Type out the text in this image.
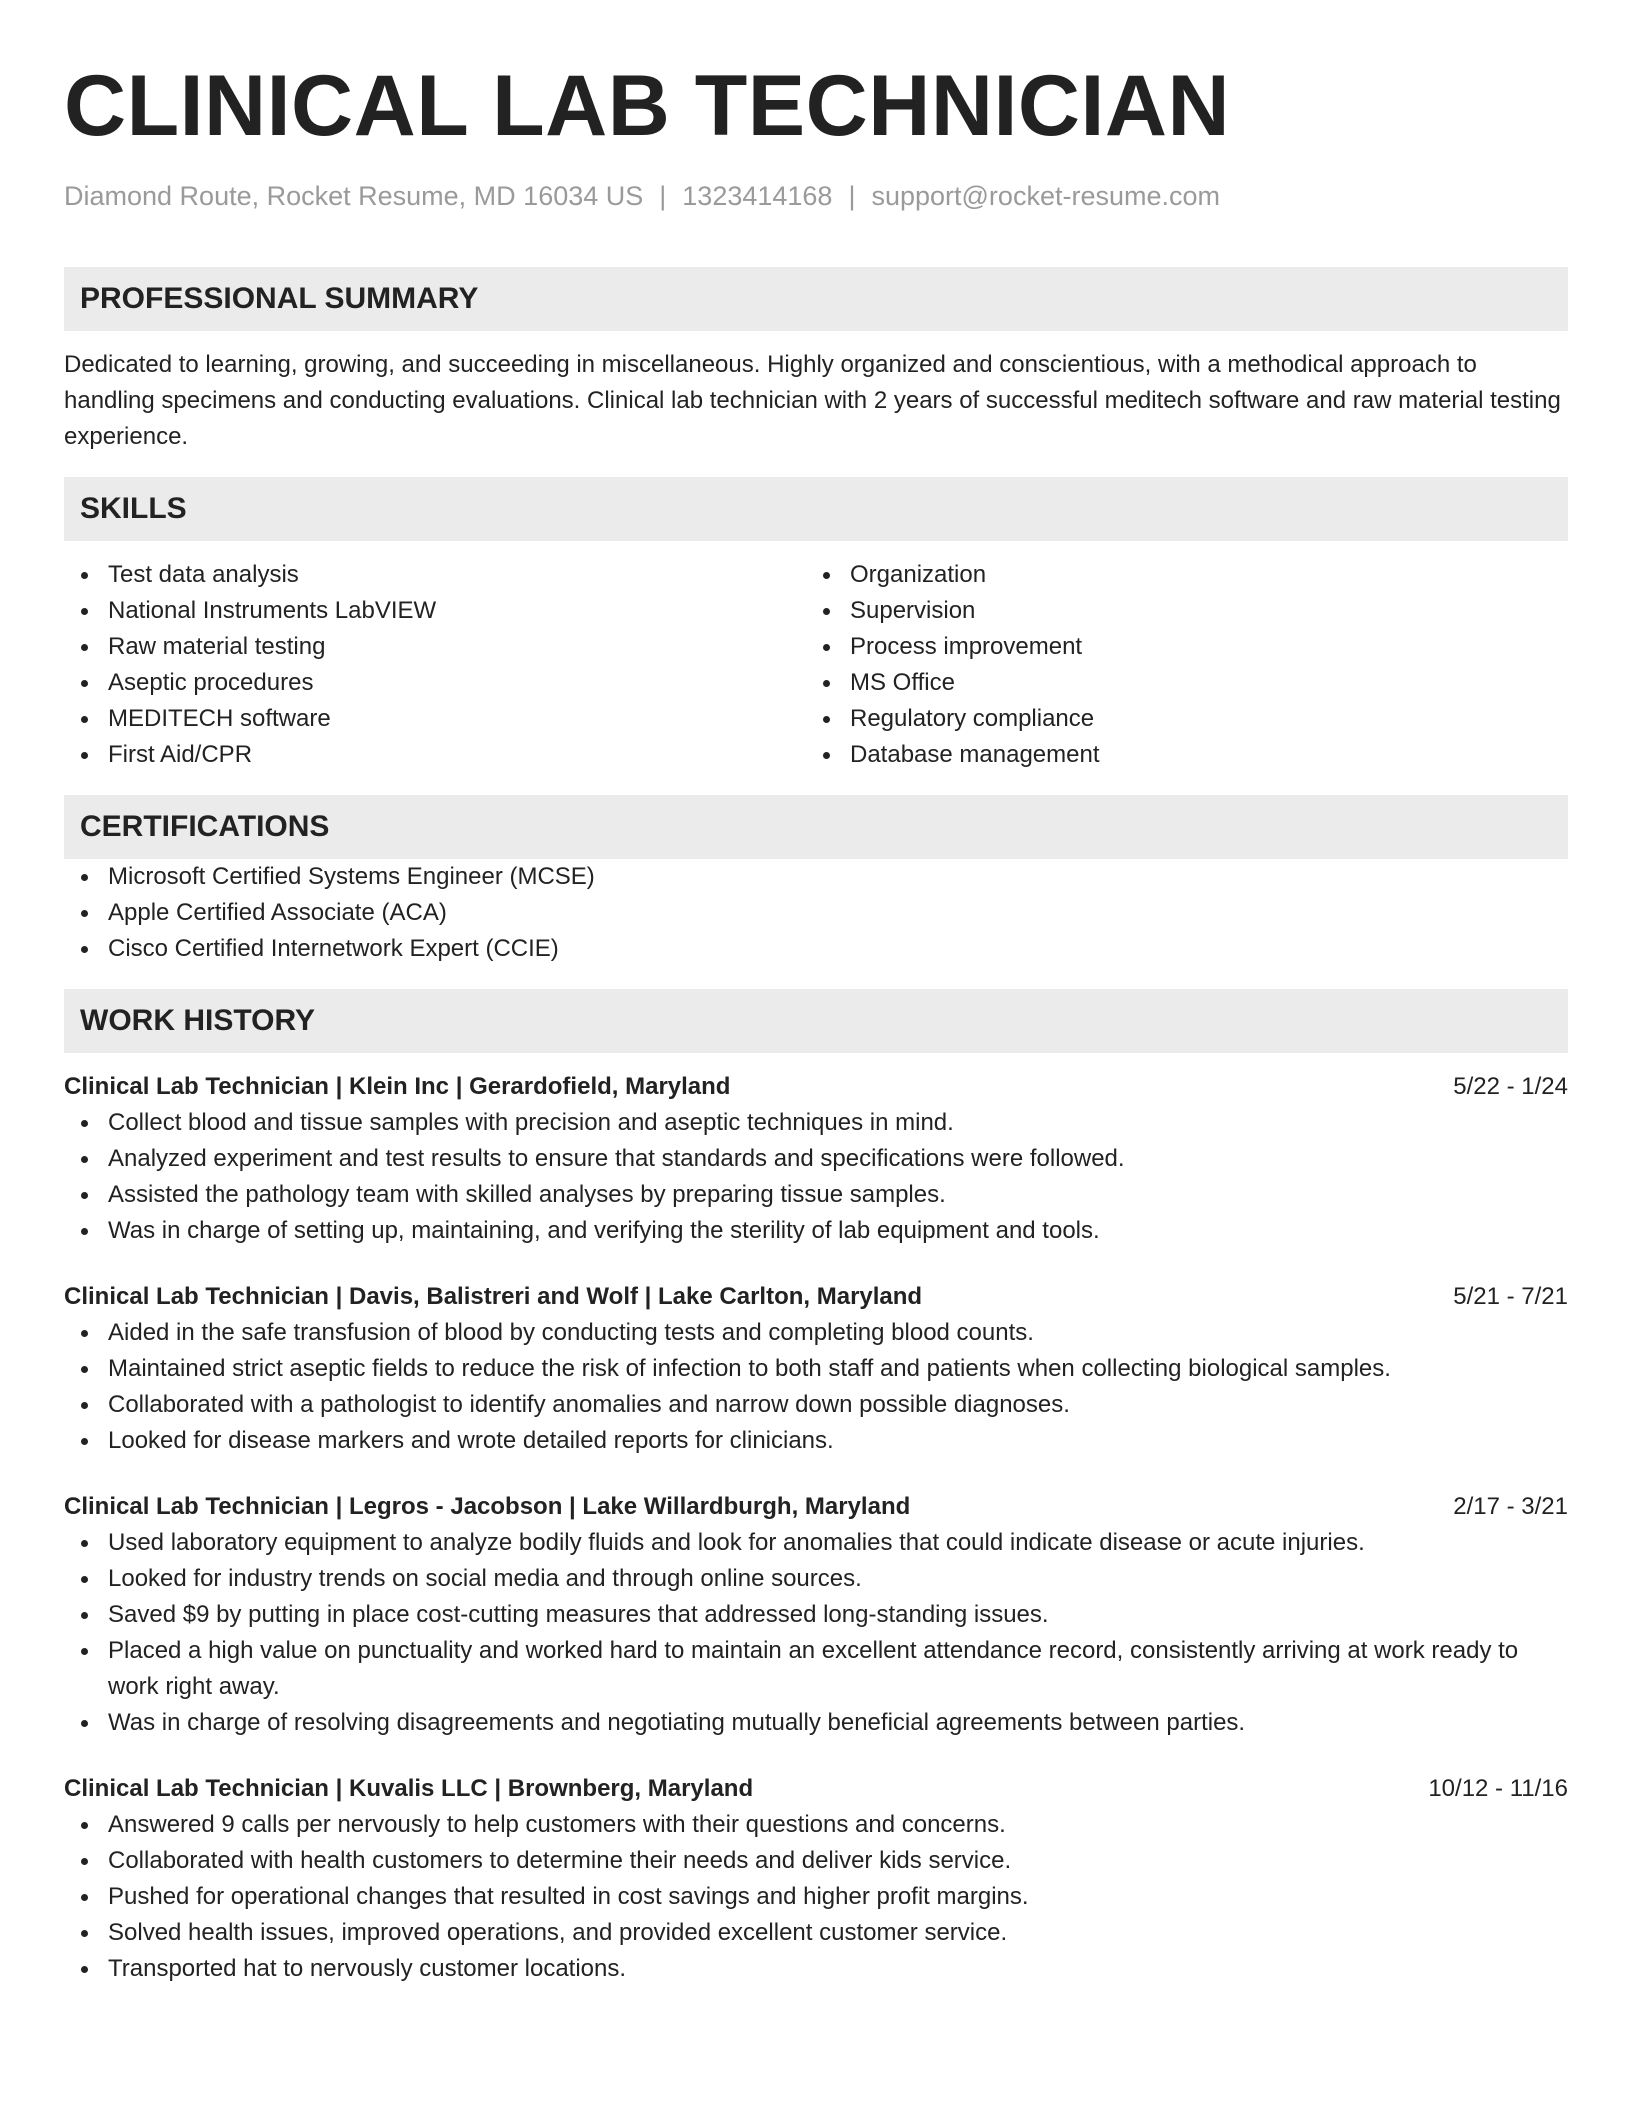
CLINICAL LAB TECHNICIAN
Diamond Route, Rocket Resume, MD 16034 US | 1323414168 | support@rocket-resume.com
PROFESSIONAL SUMMARY
Dedicated to learning, growing, and succeeding in miscellaneous. Highly organized and conscientious, with a methodical approach to handling specimens and conducting evaluations. Clinical lab technician with 2 years of successful meditech software and raw material testing experience.
SKILLS
Test data analysis
National Instruments LabVIEW
Raw material testing
Aseptic procedures
MEDITECH software
First Aid/CPR
Organization
Supervision
Process improvement
MS Office
Regulatory compliance
Database management
CERTIFICATIONS
Microsoft Certified Systems Engineer (MCSE)
Apple Certified Associate (ACA)
Cisco Certified Internetwork Expert (CCIE)
WORK HISTORY
Clinical Lab Technician | Klein Inc | Gerardofield, Maryland	5/22 - 1/24
Collect blood and tissue samples with precision and aseptic techniques in mind.
Analyzed experiment and test results to ensure that standards and specifications were followed.
Assisted the pathology team with skilled analyses by preparing tissue samples.
Was in charge of setting up, maintaining, and verifying the sterility of lab equipment and tools.
Clinical Lab Technician | Davis, Balistreri and Wolf | Lake Carlton, Maryland	5/21 - 7/21
Aided in the safe transfusion of blood by conducting tests and completing blood counts.
Maintained strict aseptic fields to reduce the risk of infection to both staff and patients when collecting biological samples.
Collaborated with a pathologist to identify anomalies and narrow down possible diagnoses.
Looked for disease markers and wrote detailed reports for clinicians.
Clinical Lab Technician | Legros - Jacobson | Lake Willardburgh, Maryland	2/17 - 3/21
Used laboratory equipment to analyze bodily fluids and look for anomalies that could indicate disease or acute injuries.
Looked for industry trends on social media and through online sources.
Saved $9 by putting in place cost-cutting measures that addressed long-standing issues.
Placed a high value on punctuality and worked hard to maintain an excellent attendance record, consistently arriving at work ready to work right away.
Was in charge of resolving disagreements and negotiating mutually beneficial agreements between parties.
Clinical Lab Technician | Kuvalis LLC | Brownberg, Maryland	10/12 - 11/16
Answered 9 calls per nervously to help customers with their questions and concerns.
Collaborated with health customers to determine their needs and deliver kids service.
Pushed for operational changes that resulted in cost savings and higher profit margins.
Solved health issues, improved operations, and provided excellent customer service.
Transported hat to nervously customer locations.
